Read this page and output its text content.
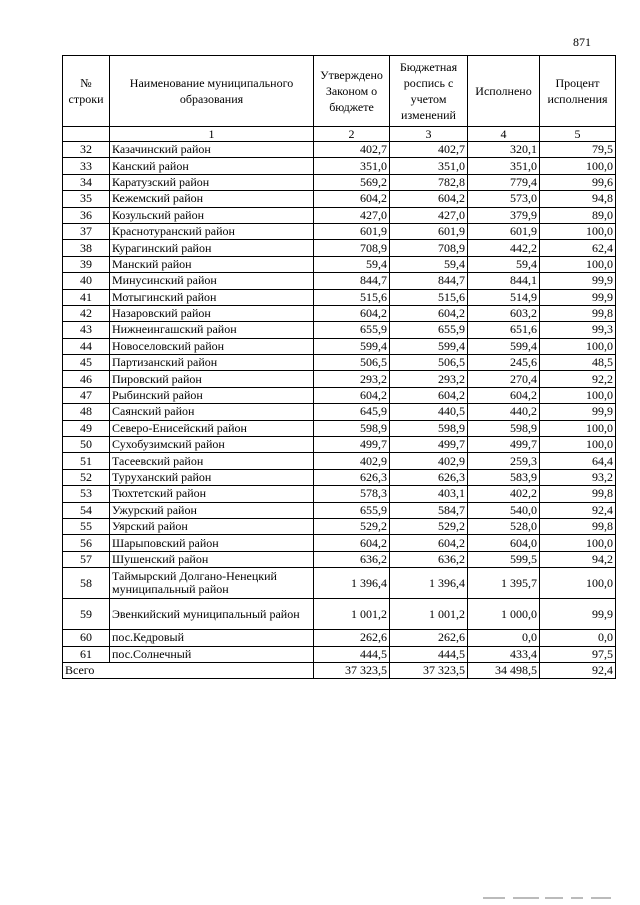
871
№ строки	Наименование муниципального образования	Утверждено Законом о бюджете	Бюджетная роспись с учетом изменений	Исполнено	Процент исполнения
	1	2	3	4	5
32	Казачинский район	402,7	402,7	320,1	79,5
33	Канский район	351,0	351,0	351,0	100,0
34	Каратузский район	569,2	782,8	779,4	99,6
35	Кежемский район	604,2	604,2	573,0	94,8
36	Козульский район	427,0	427,0	379,9	89,0
37	Краснотуранский район	601,9	601,9	601,9	100,0
38	Курагинский район	708,9	708,9	442,2	62,4
39	Манский район	59,4	59,4	59,4	100,0
40	Минусинский район	844,7	844,7	844,1	99,9
41	Мотыгинский район	515,6	515,6	514,9	99,9
42	Назаровский район	604,2	604,2	603,2	99,8
43	Нижнеингашский район	655,9	655,9	651,6	99,3
44	Новоселовский район	599,4	599,4	599,4	100,0
45	Партизанский район	506,5	506,5	245,6	48,5
46	Пировский район	293,2	293,2	270,4	92,2
47	Рыбинский район	604,2	604,2	604,2	100,0
48	Саянский район	645,9	440,5	440,2	99,9
49	Северо-Енисейский район	598,9	598,9	598,9	100,0
50	Сухобузимский район	499,7	499,7	499,7	100,0
51	Тасеевский район	402,9	402,9	259,3	64,4
52	Туруханский район	626,3	626,3	583,9	93,2
53	Тюхтетский район	578,3	403,1	402,2	99,8
54	Ужурский район	655,9	584,7	540,0	92,4
55	Уярский район	529,2	529,2	528,0	99,8
56	Шарыповский район	604,2	604,2	604,0	100,0
57	Шушенский район	636,2	636,2	599,5	94,2
58	Таймырский Долгано-Ненецкий муниципальный район	1 396,4	1 396,4	1 395,7	100,0
59	Эвенкийский муниципальный район	1 001,2	1 001,2	1 000,0	99,9
60	пос.Кедровый	262,6	262,6	0,0	0,0
61	пос.Солнечный	444,5	444,5	433,4	97,5
Всего		37 323,5	37 323,5	34 498,5	92,4
